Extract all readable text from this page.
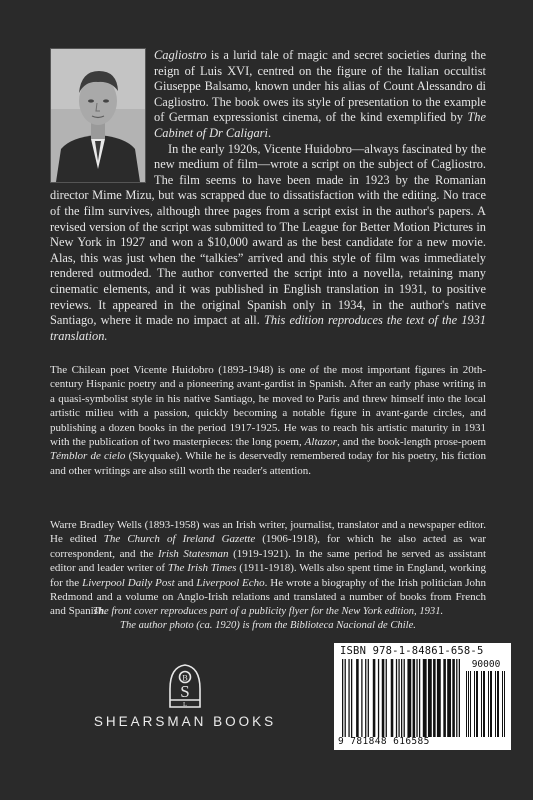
Cagliostro is a lurid tale of magic and secret societies during the reign of Luis XVI, centred on the figure of the Italian occultist Giuseppe Balsamo, known under his alias of Count Alessandro di Cagliostro. The book owes its style of presentation to the example of German expressionist cinema, of the kind exemplified by The Cabinet of Dr Caligari.

In the early 1920s, Vicente Huidobro—always fascinated by the new medium of film—wrote a script on the subject of Cagliostro. The film seems to have been made in 1923 by the Romanian director Mime Mizu, but was scrapped due to dissatisfaction with the editing. No trace of the film survives, although three pages from a script exist in the author's papers. A revised version of the script was submitted to The League for Better Motion Pictures in New York in 1927 and won a $10,000 award as the best candidate for a new movie. Alas, this was just when the “talkies” arrived and this style of film was immediately rendered outmoded. The author converted the script into a novella, retaining many cinematic elements, and it was published in English translation in 1931, to positive reviews. It appeared in the original Spanish only in 1934, in the author's native Santiago, where it made no impact at all. This edition reproduces the text of the 1931 translation.

The Chilean poet Vicente Huidobro (1893-1948) is one of the most important figures in 20th-century Hispanic poetry and a pioneering avant-gardist in Spanish. After an early phase writing in a quasi-symbolist style in his native Santiago, he moved to Paris and threw himself into the local artistic milieu with a passion, quickly becoming a notable figure in avant-garde circles, and publishing a dozen books in the period 1917-1925. He was to reach his artistic maturity in 1931 with the publication of two masterpieces: the long poem, Altazor, and the book-length prose-poem Témblor de cielo (Skyquake). While he is deservedly remembered today for his poetry, his fiction and other writings are also still worth the reader's attention.
Warre Bradley Wells (1893-1958) was an Irish writer, journalist, translator and a newspaper editor. He edited The Church of Ireland Gazette (1906-1918), for which he also acted as war correspondent, and the Irish Statesman (1919-1921). In the same period he served as assistant editor and leader writer of The Irish Times (1911-1918). Wells also spent time in England, working for the Liverpool Daily Post and Liverpool Echo. He wrote a biography of the Irish politician John Redmond and a volume on Anglo-Irish relations and translated a number of books from French and Spanish.
The front cover reproduces part of a publicity flyer for the New York edition, 1931.
The author photo (ca. 1920) is from the Biblioteca Nacional de Chile.
B
S
L
SHEARSMAN BOOKS
ISBN 978-1-84861-658-5
90000
9 781848 616585
